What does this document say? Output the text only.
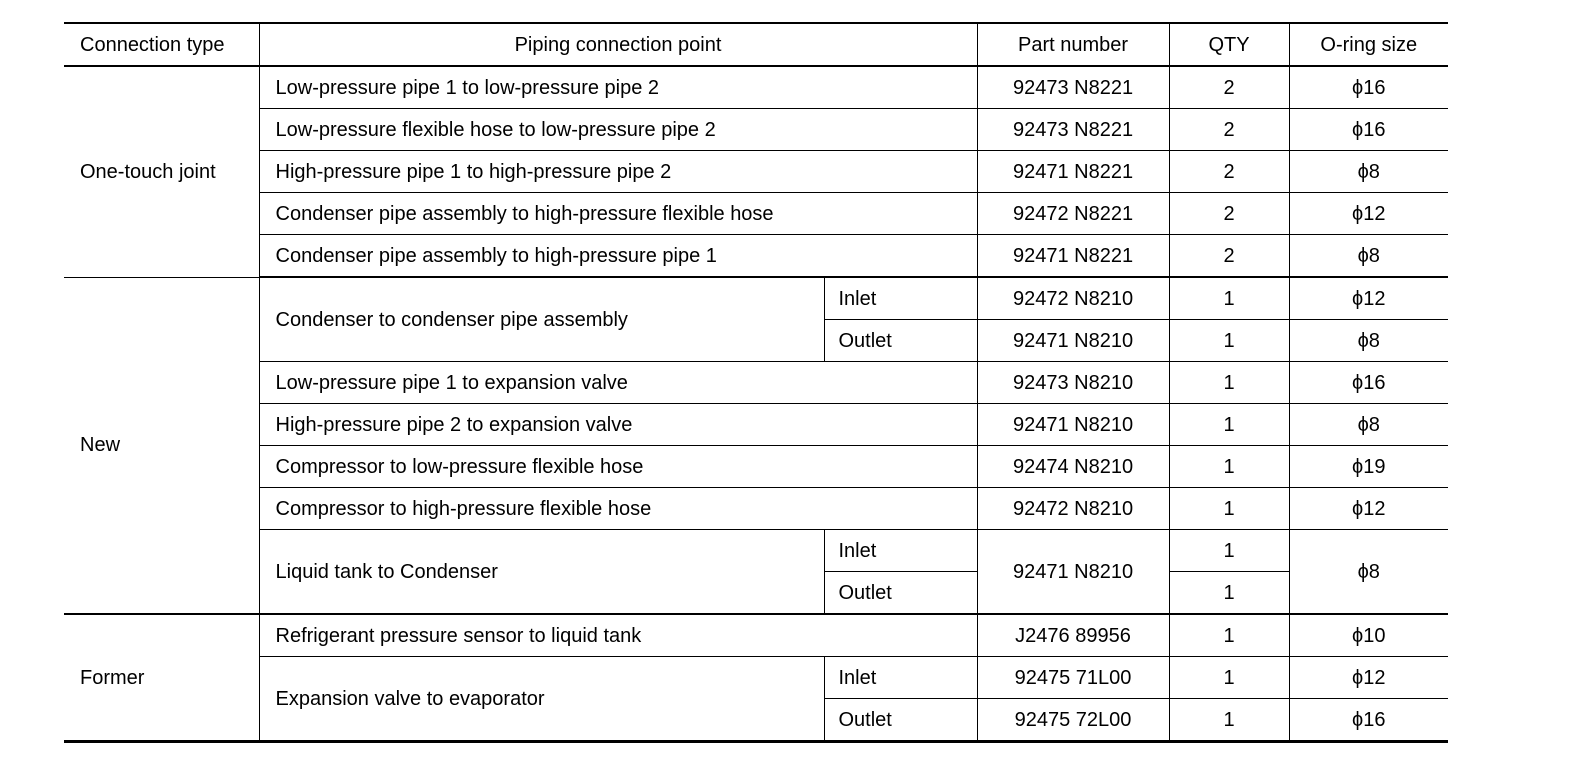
Connection type	Piping connection point		Part number	QTY	O-ring size
One-touch joint	Low-pressure pipe 1 to low-pressure pipe 2		92473 N8221	2	ϕ16
	Low-pressure flexible hose to low-pressure pipe 2		92473 N8221	2	ϕ16
	High-pressure pipe 1 to high-pressure pipe 2		92471 N8221	2	ϕ8
	Condenser pipe assembly to high-pressure flexible hose		92472 N8221	2	ϕ12
	Condenser pipe assembly to high-pressure pipe 1		92471 N8221	2	ϕ8
New	Condenser to condenser pipe assembly	Inlet	92472 N8210	1	ϕ12
		Outlet	92471 N8210	1	ϕ8
	Low-pressure pipe 1 to expansion valve		92473 N8210	1	ϕ16
	High-pressure pipe 2 to expansion valve		92471 N8210	1	ϕ8
	Compressor to low-pressure flexible hose		92474 N8210	1	ϕ19
	Compressor to high-pressure flexible hose		92472 N8210	1	ϕ12
	Liquid tank to Condenser	Inlet	92471 N8210	1	ϕ8
		Outlet		1	
Former	Refrigerant pressure sensor to liquid tank		J2476 89956	1	ϕ10
	Expansion valve to evaporator	Inlet	92475 71L00	1	ϕ12
		Outlet	92475 72L00	1	ϕ16
